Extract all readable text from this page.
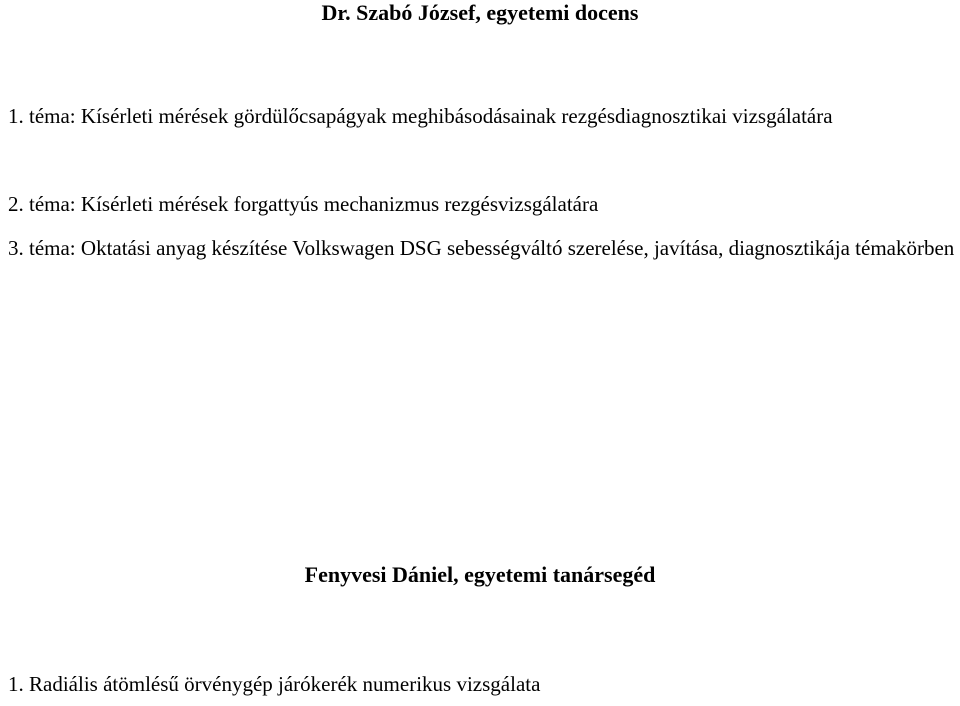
Dr. Szabó József, egyetemi docens
1. téma: Kísérleti mérések gördülőcsapágyak meghibásodásainak rezgésdiagnosztikai vizsgálatára
2. téma: Kísérleti mérések forgattyús mechanizmus rezgésvizsgálatára
3. téma: Oktatási anyag készítése Volkswagen DSG sebességváltó szerelése, javítása, diagnosztikája témakörben
Fenyvesi Dániel, egyetemi tanársegéd
1. Radiális átömlésű örvénygép járókerék numerikus vizsgálata
